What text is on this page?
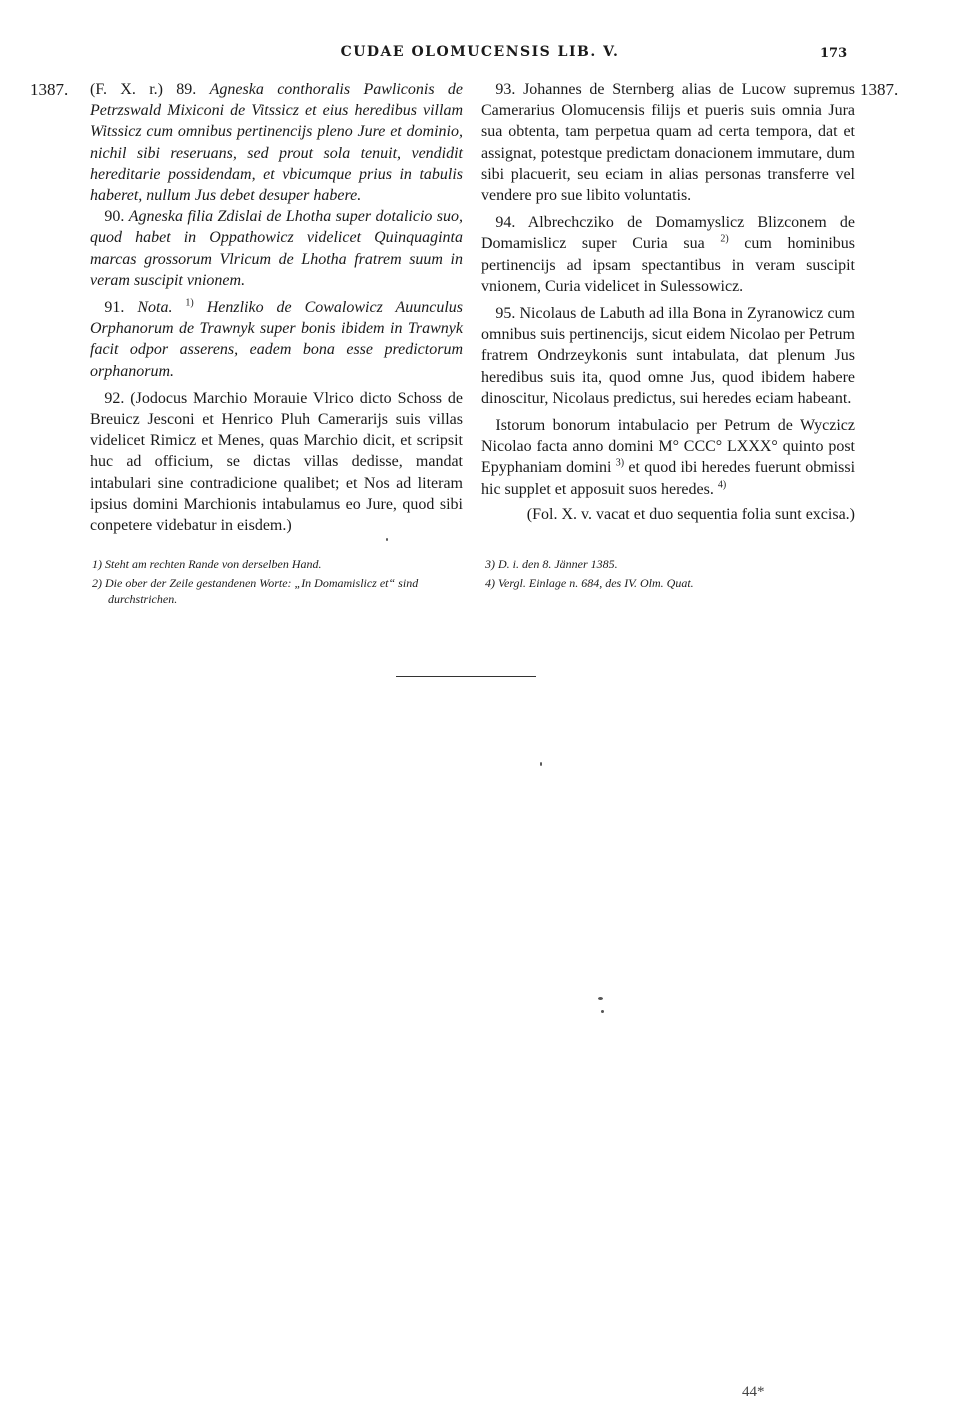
CUDAE OLOMUCENSIS LIB. V.	173
1387.	1387.

(F. X. r.) 89. Agneska conthoralis Pawliconis de Petrzswald Mixiconi de Vitssicz et eius heredibus villam Witssicz cum omnibus pertinencijs pleno Jure et dominio, nichil sibi reseruans, sed prout sola tenuit, vendidit hereditarie possidendam, et vbicumque prius in tabulis haberet, nullum Jus debet desuper habere.

90. Agneska filia Zdislai de Lhotha super dotalicio suo, quod habet in Oppathowicz videlicet Quinquaginta marcas grossorum Vlricum de Lhotha fratrem suum in veram suscipit vnionem.

91. Nota. $^{1)}$ Henzliko de Cowalowicz Auunculus Orphanorum de Trawnyk super bonis ibidem in Trawnyk facit odpor asserens, eadem bona esse predictorum orphanorum.

92. (Jodocus Marchio Morauie Vlrico dicto Schoss de Breuicz Jesconi et Henrico Pluh Camerarijs suis villas videlicet Rimicz et Menes, quas Marchio dicit, et scripsit huc ad officium, se dictas villas dedisse, mandat intabulari sine contradicione qualibet; et Nos ad literam ipsius domini Marchionis intabulamus eo Jure, quod sibi conpetere videbatur in eisdem.)

93. Johannes de Sternberg alias de Lucow supremus Camerarius Olomucensis filijs et pueris suis omnia Jura sua obtenta, tam perpetua quam ad certa tempora, dat et assignat, potestque predictam donacionem immutare, dum sibi placuerit, seu eciam in alias personas transferre vel vendere pro sue libito voluntatis.

94. Albrechcziko de Domamyslicz Blizconem de Domamislicz super Curia sua $^{2)}$ cum hominibus pertinencijs ad ipsam spectantibus in veram suscipit vnionem, Curia videlicet in Sulessowicz.

95. Nicolaus de Labuth ad illa Bona in Zyranowicz cum omnibus suis pertinencijs, sicut eidem Nicolao per Petrum fratrem Ondrzeykonis sunt intabulata, dat plenum Jus heredibus suis ita, quod omne Jus, quod ibidem habere dinoscitur, Nicolaus predictus, sui heredes eciam habeant.

Istorum bonorum intabulacio per Petrum de Wyczicz Nicolao facta anno domini M° CCC° LXXX° quinto post Epyphaniam domini $^{3)}$ et quod ibi heredes fuerunt obmissi hic supplet et apposuit suos heredes. $^{4)}$

(Fol. X. v. vacat et duo sequentia folia sunt excisa.)

1) Steht am rechten Rande von derselben Hand.

2) Die ober der Zeile gestandenen Worte: „In Domamislicz et“ sind durchstrichen.

3) D. i. den 8. Jänner 1385.

4) Vergl. Einlage n. 684, des IV. Olm. Quat.

44*
